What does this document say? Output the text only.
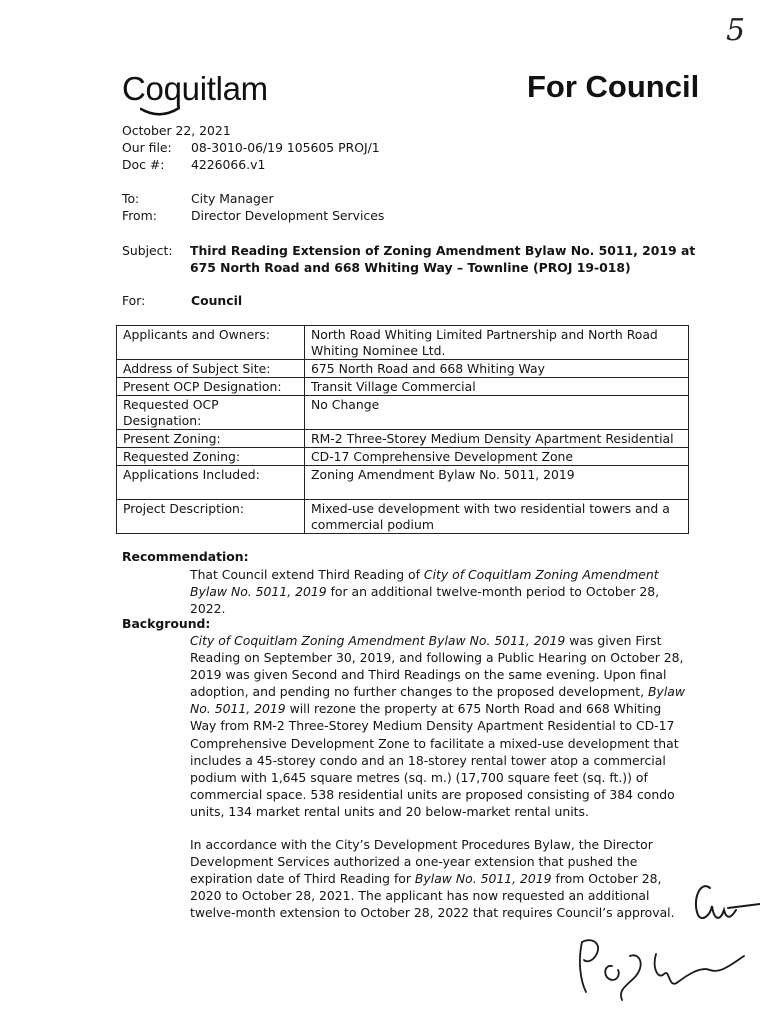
5
Coquitlam	For Council
October 22, 2021
Our file: 08-3010-06/19 105605 PROJ/1
Doc #: 4226066.v1
To:	City Manager
From:	Director Development Services
Subject: Third Reading Extension of Zoning Amendment Bylaw No. 5011, 2019 at 675 North Road and 668 Whiting Way – Townline (PROJ 19-018)
For:	Council
Applicants and Owners:	North Road Whiting Limited Partnership and North Road Whiting Nominee Ltd.
Address of Subject Site:	675 North Road and 668 Whiting Way
Present OCP Designation:	Transit Village Commercial
Requested OCP Designation:	No Change
Present Zoning:	RM-2 Three-Storey Medium Density Apartment Residential
Requested Zoning:	CD-17 Comprehensive Development Zone
Applications Included:	Zoning Amendment Bylaw No. 5011, 2019
Project Description:	Mixed-use development with two residential towers and a commercial podium
Recommendation:
That Council extend Third Reading of City of Coquitlam Zoning Amendment Bylaw No. 5011, 2019 for an additional twelve-month period to October 28, 2022.
Background:
City of Coquitlam Zoning Amendment Bylaw No. 5011, 2019 was given First Reading on September 30, 2019, and following a Public Hearing on October 28, 2019 was given Second and Third Readings on the same evening. Upon final adoption, and pending no further changes to the proposed development, Bylaw No. 5011, 2019 will rezone the property at 675 North Road and 668 Whiting Way from RM-2 Three-Storey Medium Density Apartment Residential to CD-17 Comprehensive Development Zone to facilitate a mixed-use development that includes a 45-storey condo and an 18-storey rental tower atop a commercial podium with 1,645 square metres (sq. m.) (17,700 square feet (sq. ft.)) of commercial space. 538 residential units are proposed consisting of 384 condo units, 134 market rental units and 20 below-market rental units.
In accordance with the City’s Development Procedures Bylaw, the Director Development Services authorized a one-year extension that pushed the expiration date of Third Reading for Bylaw No. 5011, 2019 from October 28, 2020 to October 28, 2021. The applicant has now requested an additional twelve-month extension to October 28, 2022 that requires Council’s approval.
